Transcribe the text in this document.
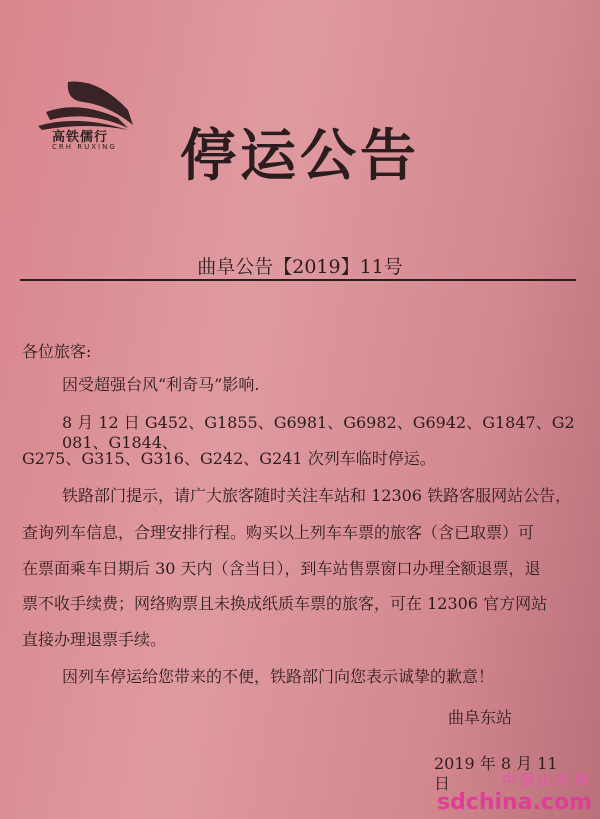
高铁儒行
CRH RUXING	停运公告
曲阜公告【2019】11号
各位旅客:
因受超强台风“利奇马”影响.
8 月 12 日 G452、G1855、G6981、G6982、G6942、G1847、G2081、G1844、
G275、G315、G316、G242、G241 次列车临时停运。
铁路部门提示，请广大旅客随时关注车站和 12306 铁路客服网站公告，
查询列车信息，合理安排行程。购买以上列车车票的旅客（含已取票）可
在票面乘车日期后 30 天内（含当日），到车站售票窗口办理全额退票，退
票不收手续费；网络购票且未换成纸质车票的旅客，可在 12306 官方网站
直接办理退票手续。
因列车停运给您带来的不便，铁路部门向您表示诚挚的歉意！
曲阜东站
2019 年 8 月 11 日	中国山东网
sdchina.com
